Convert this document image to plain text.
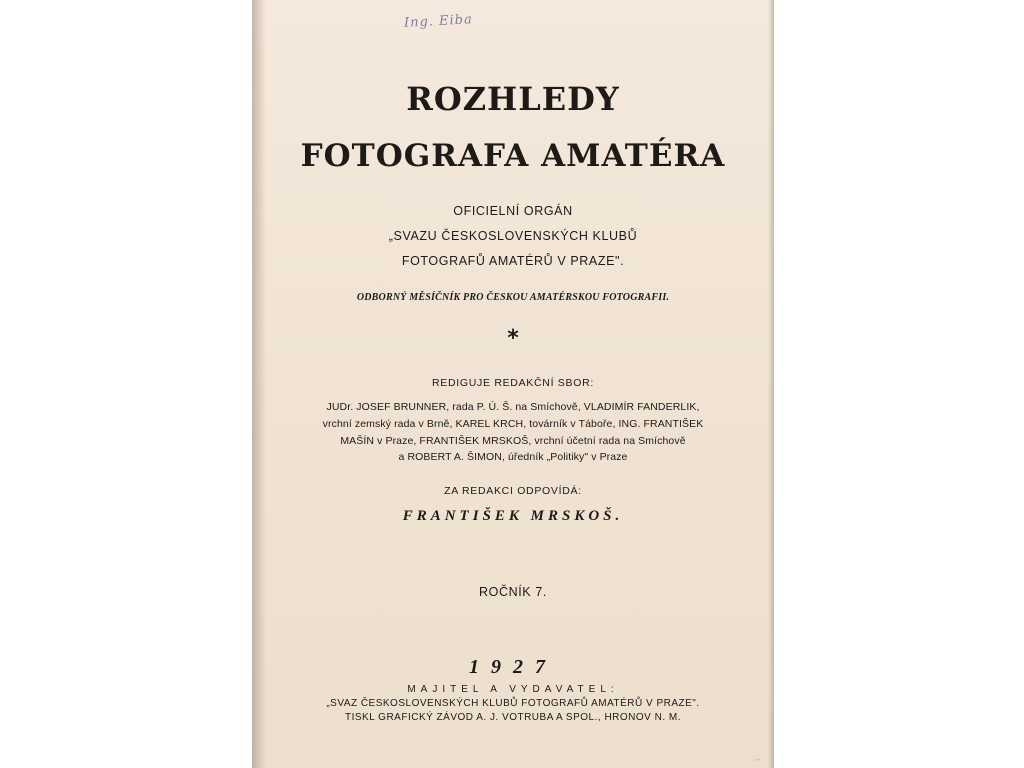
Ing. Eiba
ROZHLEDY
FOTOGRAFA AMATÉRA
OFICIELNÍ ORGÁN
„SVAZU ČESKOSLOVENSKÝCH KLUBŮ
FOTOGRAFŮ AMATÉRŮ V PRAZE".
ODBORNÝ MĚSÍČNÍK PRO ČESKOU AMATÉRSKOU FOTOGRAFII.
*
REDIGUJE REDAKČNÍ SBOR:
JUDr. JOSEF BRUNNER, rada P. Ú. Š. na Smíchově, VLADIMÍR FANDERLIK,
vrchní zemský rada v Brně, KAREL KRCH, továrník v Táboře, ING. FRANTIŠEK
MAŠÍN v Praze, FRANTIŠEK MRSKOŠ, vrchní účetní rada na Smíchově
a ROBERT A. ŠIMON, úředník „Politiky" v Praze
ZA REDAKCI ODPOVÍDÁ:
FRANTIŠEK MRSKOŠ.
ROČNÍK 7.
1927
MAJITEL A VYDAVATEL:
„SVAZ ČESKOSLOVENSKÝCH KLUBŮ FOTOGRAFŮ AMATÉRŮ V PRAZE".
TISKL GRAFICKÝ ZÁVOD A. J. VOTRUBA A SPOL., HRONOV N. M.
~
